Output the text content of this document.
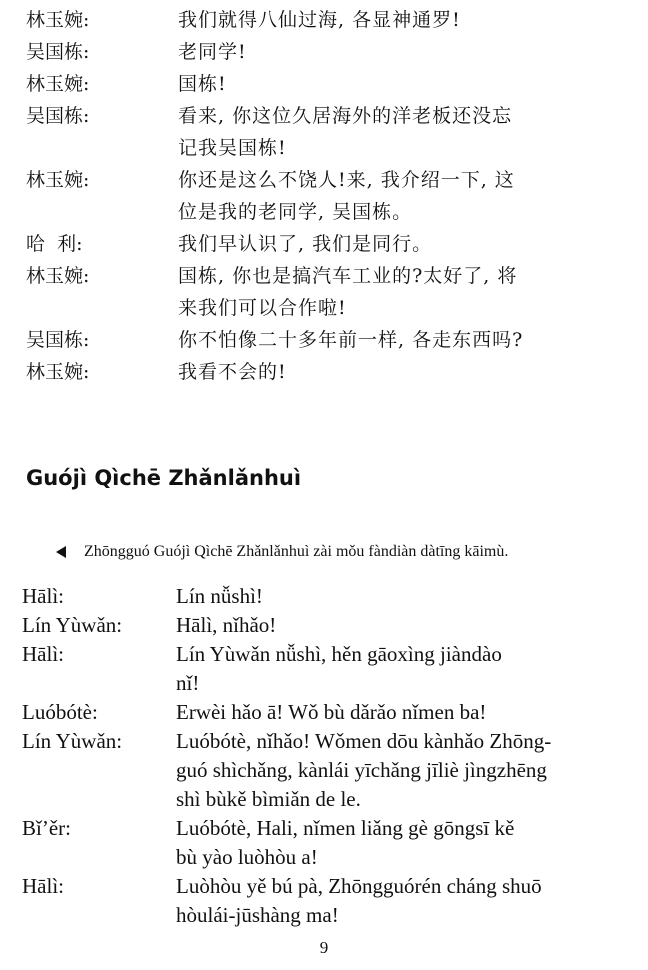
林玉婉:	我们就得八仙过海, 各显神通罗!
吴国栋:	老同学!
林玉婉:	国栋!
吴国栋:	看来, 你这位久居海外的洋老板还没忘
记我吴国栋!
林玉婉:	你还是这么不饶人!来, 我介绍一下, 这
位是我的老同学, 吴国栋。
哈  利:	我们早认识了, 我们是同行。
林玉婉:	国栋, 你也是搞汽车工业的?太好了, 将
来我们可以合作啦!
吴国栋:	你不怕像二十多年前一样, 各走东西吗?
林玉婉:	我看不会的!
Guójì Qìchē Zhǎnlǎnhuì
Zhōngguó Guójì Qìchē Zhǎnlǎnhuì zài mǒu fàndiàn dàtīng kāimù.
Hālì:	Lín nǚshì!
Lín Yùwǎn:	Hālì, nǐhǎo!
Hālì:	Lín Yùwǎn nǚshì, hěn gāoxìng jiàndào
nǐ!
Luóbótè:	Erwèi hǎo ā! Wǒ bù dǎrǎo nǐmen ba!
Lín Yùwǎn:	Luóbótè, nǐhǎo! Wǒmen dōu kànhǎo Zhōng-
guó shìchǎng, kànlái yīchǎng jīliè jìngzhēng
shì bùkě bìmiǎn de le.
Bǐ’ěr:	Luóbótè, Hali, nǐmen liǎng gè gōngsī kě
bù yào luòhòu a!
Hālì:	Luòhòu yě bú pà, Zhōngguórén cháng shuō
hòulái-jūshàng ma!
9
